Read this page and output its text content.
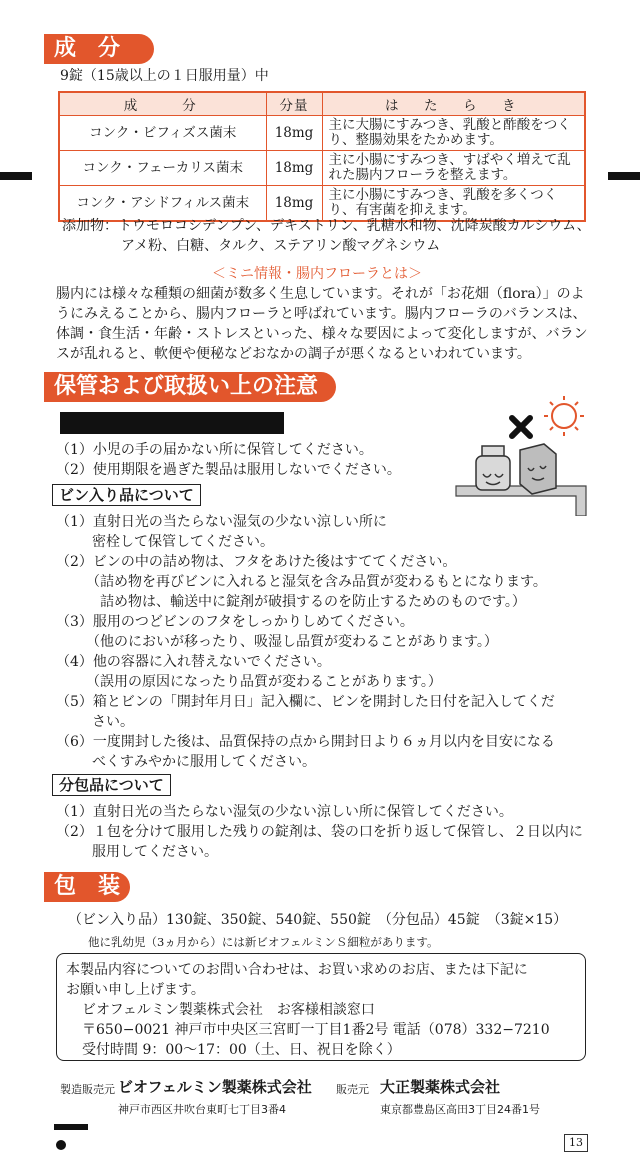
成　分
9錠（15歳以上の１日服用量）中
成　　分	分量	は　た　ら　き
コンク・ビフィズス菌末	18mg	主に大腸にすみつき、乳酸と酢酸をつくり、整腸効果をたかめます。
コンク・フェーカリス菌末	18mg	主に小腸にすみつき、すばやく増えて乱れた腸内フローラを整えます。
コンク・アシドフィルス菌末	18mg	主に小腸にすみつき、乳酸を多くつくり、有害菌を抑えます。
添加物：トウモロコシデンプン、デキストリン、乳糖水和物、沈降炭酸カルシウム、
アメ粉、白糖、タルク、ステアリン酸マグネシウム
＜ミニ情報・腸内フローラとは＞
腸内には様々な種類の細菌が数多く生息しています。それが「お花畑（flora）」のよ
うにみえることから、腸内フローラと呼ばれています。腸内フローラのバランスは、
体調・食生活・年齢・ストレスといった、様々な要因によって変化しますが、バラン
スが乱れると、軟便や便秘などおなかの調子が悪くなるといわれています。
保管および取扱い上の注意
（1）小児の手の届かない所に保管してください。
（2）使用期限を過ぎた製品は服用しないでください。
ビン入り品について
（1）直射日光の当たらない湿気の少ない涼しい所に
密栓して保管してください。
（2）ビンの中の詰め物は、フタをあけた後はすててください。
（詰め物を再びビンに入れると湿気を含み品質が変わるもとになります。
詰め物は、輸送中に錠剤が破損するのを防止するためのものです。）
（3）服用のつどビンのフタをしっかりしめてください。
（他のにおいが移ったり、吸湿し品質が変わることがあります。）
（4）他の容器に入れ替えないでください。
（誤用の原因になったり品質が変わることがあります。）
（5）箱とビンの「開封年月日」記入欄に、ビンを開封した日付を記入してくだ
さい。
（6）一度開封した後は、品質保持の点から開封日より６ヵ月以内を目安になる
べくすみやかに服用してください。
分包品について
（1）直射日光の当たらない湿気の少ない涼しい所に保管してください。
（2）１包を分けて服用した残りの錠剤は、袋の口を折り返して保管し、２日以内に
服用してください。
包　装
（ビン入り品）130錠、350錠、540錠、550錠　（分包品）45錠　（3錠×15）
他に乳幼児（3ヵ月から）には新ビオフェルミンＳ細粒があります。
本製品内容についてのお問い合わせは、お買い求めのお店、または下記に
お願い申し上げます。
ビオフェルミン製薬株式会社　お客様相談窓口
〒650−0021 神戸市中央区三宮町一丁目1番2号 電話（078）332−7210
受付時間 9：00〜17：00（土、日、祝日を除く）
製造販売元 ビオフェルミン製薬株式会社
神戸市西区井吹台東町七丁目3番4
販売元 大正製薬株式会社
東京都豊島区高田3丁目24番1号
13
